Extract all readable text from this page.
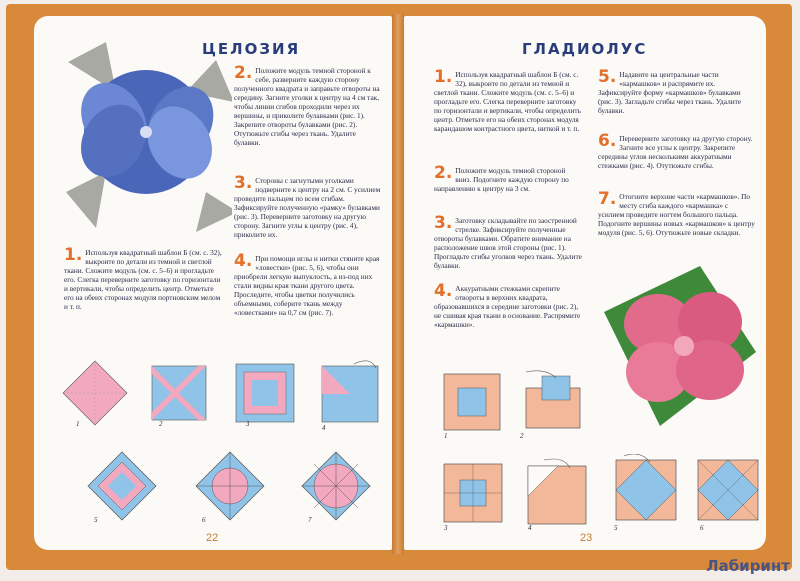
ЦЕЛОЗИЯ
2. Положите модуль темной стороной к себе, разверните каждую сторону полученного квадрата и заправьте отвороты на середину. Загните уголки к центру на 4 см так, чтобы линии сгибов проходили через их вершины, и приколите булавками (рис. 1). Закрепите отвороты булавками (рис. 2). Отутюжьте сгибы через ткань. Удалите булавки.
3. Стороны с загнутыми уголками подверните к центру на 2 см. С усилием проведите пальцем по всем сгибам. Зафиксируйте полученную «рамку» булавками (рис. 3). Переверните заготовку на другую сторону. Загните углы к центру (рис. 4), приколите их.
4. При помощи иглы и нитки стяните края «ловестки» (рис. 5, 6), чтобы они приобрели легкую выпуклость, а из-под них стали видны края ткани другого цвета. Проследите, чтобы цветки получились объемными, соберите ткань между «ловестками» на 0,7 см (рис. 7).
1. Используя квадратный шаблон Б (см. с. 32), выкроите по детали из темной и светлой ткани. Сложите модуль (см. с. 5–6) и прогладьте его. Слегка переверните заготовку по горизонтали и вертикали, чтобы определить центр. Отметьте его на обеих сторонах модуля портновским мелом и т. п.
1	2	3	4
5	6	7
22
ГЛАДИОЛУС
1. Используя квадратный шаблон Б (см. с. 32), выкроите по детали из темной и светлой ткани. Сложите модуль (см. с. 5–6) и прогладьте его. Слегка переверните заготовку по горизонтали и вертикали, чтобы определить центр. Отметьте его на обеих сторонах модуля карандашом контрастного цвета, ниткой и т. п.
2. Положите модуль темной стороной вниз. Подогните каждую сторону по направлению к центру на 3 см.
3. Заготовку складывайте по заостренной стрелке. Зафиксируйте полученные отвороты булавками. Обратите внимание на расположение швов этой стороны (рис. 1). Прогладьте сгибы уголков через ткань. Удалите булавки.
4. Аккуратными стежками скрепите отвороты в верхних квадрата, образовавшихся в середине заготовки (рис. 2), не сшивая края ткани в основание. Распрямите «кармашки».
5. Надавите на центральные части «кармашков» и распрямите их. Зафиксируйте форму «кармашков» булавками (рис. 3). Загладьте сгибы через ткань. Удалите булавки.
6. Переверните заготовку на другую сторону. Загните все углы к центру. Закрепите середины углов несколькими аккуратными стежками (рис. 4). Отутюжьте сгибы.
7. Отогните верхние части «кармашков». По месту сгиба каждого «кармашка» с усилием проведите ногтем большого пальца. Подогните вершины новых «кармашков» к центру модуля (рис. 5, 6). Отутюжьте новые складки.
1	2
3	4	5	6
23
Лабиринт
